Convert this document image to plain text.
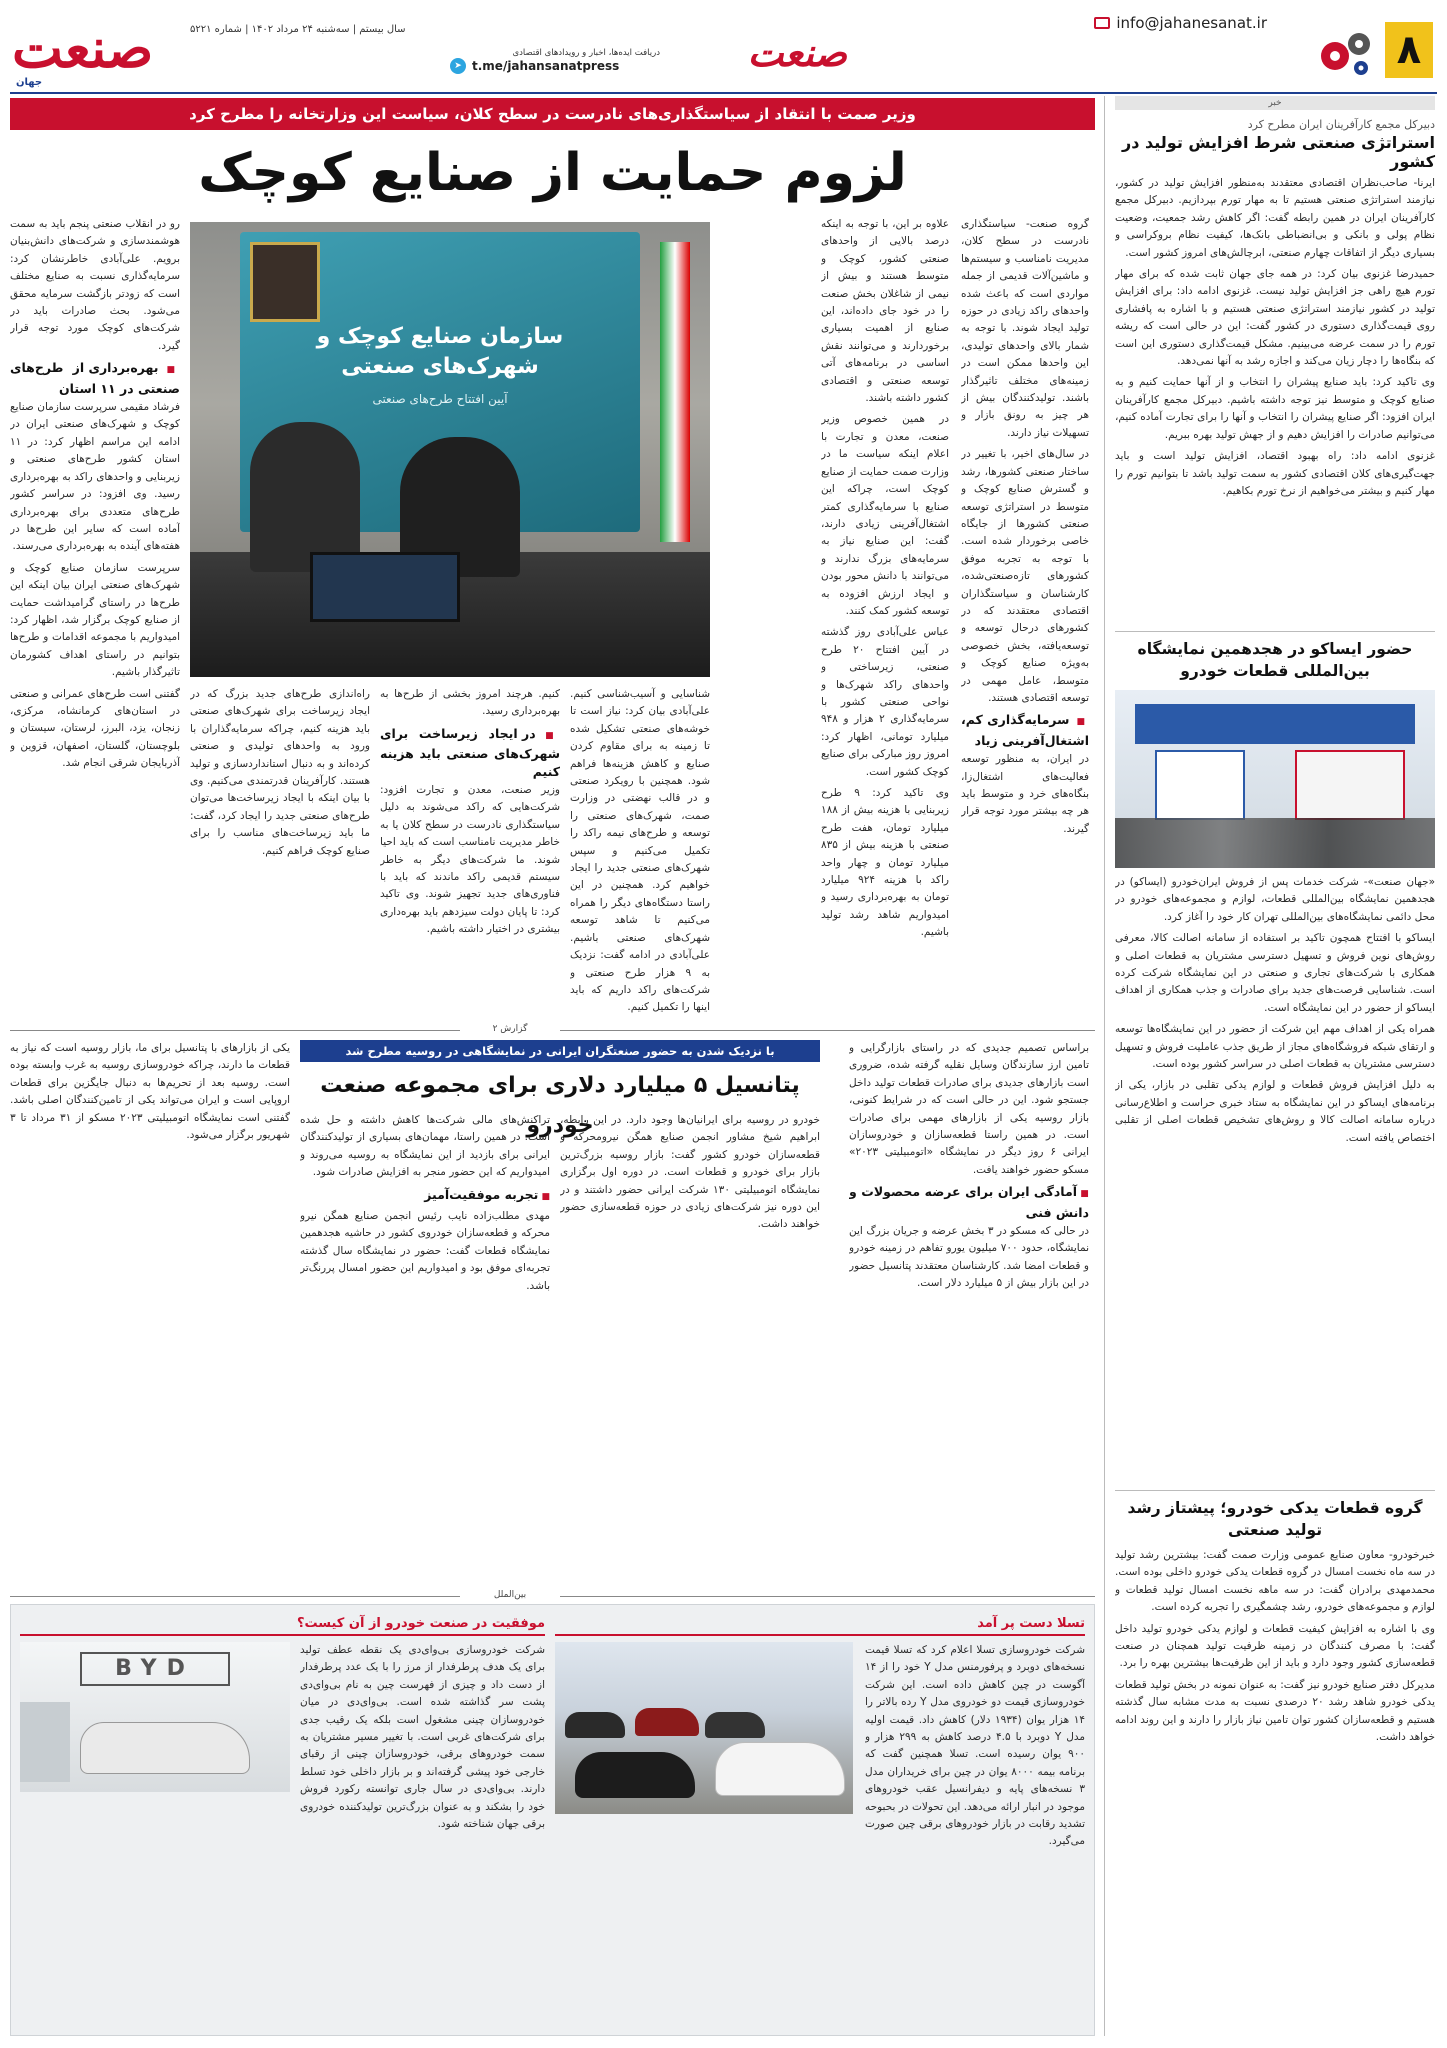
۸
info@jahanesanat.ir
صنعت
دریافت ایده‌ها، اخبار و رویدادهای اقتصادی
t.me/jahansanatpress
➤
سال بیستم | سه‌شنبه ۲۴ مرداد ۱۴۰۲ | شماره ۵۲۲۱
صنعت
جهان
خبر
دبیرکل مجمع کارآفرینان ایران مطرح کرد
استراتژی صنعتی شرط افزایش تولید در کشور

ایرنا- صاحب‌نظران اقتصادی معتقدند به‌منظور افزایش تولید در کشور، نیازمند استراتژی صنعتی هستیم تا به مهار تورم بپردازیم. دبیرکل مجمع کارآفرینان ایران در همین رابطه گفت: اگر کاهش رشد جمعیت، وضعیت نظام پولی و بانکی و بی‌انضباطی بانک‌ها، کیفیت نظام بروکراسی و بسیاری دیگر از اتفاقات چهارم صنعتی، ابرچالش‌های امروز کشور است.

حمیدرضا غزنوی بیان کرد: در همه جای جهان ثابت شده که برای مهار تورم هیچ راهی جز افزایش تولید نیست. غزنوی ادامه داد: برای افزایش تولید در کشور نیازمند استراتژی صنعتی هستیم و با اشاره به پافشاری روی قیمت‌گذاری دستوری در کشور گفت: این در حالی است که ریشه تورم را در سمت عرضه می‌بینیم. مشکل قیمت‌گذاری دستوری این است که بنگاه‌ها را دچار زیان می‌کند و اجازه رشد به آنها نمی‌دهد.

وی تاکید کرد: باید صنایع پیشران را انتخاب و از آنها حمایت کنیم و به صنایع کوچک و متوسط نیز توجه داشته باشیم. دبیرکل مجمع کارآفرینان ایران افزود: اگر صنایع پیشران را انتخاب و آنها را برای تجارت آماده کنیم، می‌توانیم صادرات را افزایش دهیم و از جهش تولید بهره ببریم.

غزنوی ادامه داد: راه بهبود اقتصاد، افزایش تولید است و باید جهت‌گیری‌های کلان اقتصادی کشور به سمت تولید باشد تا بتوانیم تورم را مهار کنیم و بیشتر می‌خواهیم از نرخ تورم بکاهیم.

حضور ایساکو در هجدهمین نمایشگاه بین‌المللی قطعات خودرو

«جهان صنعت»- شرکت خدمات پس از فروش ایران‌خودرو (ایساکو) در هجدهمین نمایشگاه بین‌المللی قطعات، لوازم و مجموعه‌های خودرو در محل دائمی نمایشگاه‌های بین‌المللی تهران کار خود را آغاز کرد.

ایساکو با افتتاح همچون تاکید بر استفاده از سامانه اصالت کالا، معرفی روش‌های نوین فروش و تسهیل دسترسی مشتریان به قطعات اصلی و همکاری با شرکت‌های تجاری و صنعتی در این نمایشگاه شرکت کرده است. شناسایی فرصت‌های جدید برای صادرات و جذب همکاری از اهداف ایساکو از حضور در این نمایشگاه است.

همراه یکی از اهداف مهم این شرکت از حضور در این نمایشگاه‌ها توسعه و ارتقای شبکه فروشگاه‌های مجاز از طریق جذب عاملیت فروش و تسهیل دسترسی مشتریان به قطعات اصلی در سراسر کشور بوده است.

به دلیل افزایش فروش قطعات و لوازم یدکی تقلبی در بازار، یکی از برنامه‌های ایساکو در این نمایشگاه به ستاد خبری حراست و اطلاع‌رسانی درباره سامانه اصالت کالا و روش‌های تشخیص قطعات اصلی از تقلبی اختصاص یافته است.

گروه قطعات یدکی خودرو؛ پیشتاز رشد تولید صنعتی

خبرخودرو- معاون صنایع عمومی وزارت صمت گفت: بیشترین رشد تولید در سه ماه نخست امسال در گروه قطعات یدکی خودرو داخلی بوده است. محمدمهدی برادران گفت: در سه ماهه نخست امسال تولید قطعات و لوازم و مجموعه‌های خودرو، رشد چشمگیری را تجربه کرده است.

وی با اشاره به افزایش کیفیت قطعات و لوازم یدکی خودرو تولید داخل گفت: با مصرف کنندگان در زمینه ظرفیت تولید همچنان در صنعت قطعه‌سازی کشور وجود دارد و باید از این ظرفیت‌ها بیشترین بهره را برد.

مدیرکل دفتر صنایع خودرو نیز گفت: به عنوان نمونه در بخش تولید قطعات یدکی خودرو شاهد رشد ۲۰ درصدی نسبت به مدت مشابه سال گذشته هستیم و قطعه‌سازان کشور توان تامین نیاز بازار را دارند و این روند ادامه خواهد داشت.

وزیر صمت با انتقاد از سیاستگذاری‌های نادرست در سطح کلان، سیاست این وزارتخانه را مطرح کرد
لزوم حمایت از صنایع کوچک

گروه صنعت- سیاستگذاری نادرست در سطح کلان، مدیریت نامناسب و سیستم‌ها و ماشین‌آلات قدیمی از جمله مواردی است که باعث شده واحدهای راکد زیادی در حوزه تولید ایجاد شوند. با توجه به شمار بالای واحدهای تولیدی، این واحدها ممکن است در زمینه‌های مختلف تاثیرگذار باشند. تولیدکنندگان بیش از هر چیز به رونق بازار و تسهیلات نیاز دارند.

در سال‌های اخیر، با تغییر در ساختار صنعتی کشورها، رشد و گسترش صنایع کوچک و متوسط در استراتژی توسعه صنعتی کشورها از جایگاه خاصی برخوردار شده است. با توجه به تجربه موفق کشورهای تازه‌صنعتی‌شده، کارشناسان و سیاستگذاران اقتصادی معتقدند که در کشورهای درحال توسعه و توسعه‌یافته، بخش خصوصی به‌ویژه صنایع کوچک و متوسط، عامل مهمی در توسعه اقتصادی هستند.

■ سرمایه‌گذاری کم، اشتغال‌آفرینی زیاد

در ایران، به منظور توسعه فعالیت‌های اشتغال‌زا، بنگاه‌های خرد و متوسط باید هر چه بیشتر مورد توجه قرار گیرند.

علاوه بر این، با توجه به اینکه درصد بالایی از واحدهای صنعتی کشور، کوچک و متوسط هستند و بیش از نیمی از شاغلان بخش صنعت را در خود جای داده‌اند، این صنایع از اهمیت بسیاری برخوردارند و می‌توانند نقش اساسی در برنامه‌های آتی توسعه صنعتی و اقتصادی کشور داشته باشند.

در همین خصوص وزیر صنعت، معدن و تجارت با اعلام اینکه سیاست ما در وزارت صمت حمایت از صنایع کوچک است، چراکه این صنایع با سرمایه‌گذاری کمتر اشتغال‌آفرینی زیادی دارند، گفت: این صنایع نیاز به سرمایه‌های بزرگ ندارند و می‌توانند با دانش محور بودن و ایجاد ارزش افزوده به توسعه کشور کمک کنند.

عباس علی‌آبادی روز گذشته در آیین افتتاح ۲۰ طرح صنعتی، زیرساختی و واحدهای راکد شهرک‌ها و نواحی صنعتی کشور با سرمایه‌گذاری ۲ هزار و ۹۴۸ میلیارد تومانی، اظهار کرد: امروز روز مبارکی برای صنایع کوچک کشور است.

وی تاکید کرد: ۹ طرح زیربنایی با هزینه بیش از ۱۸۸ میلیارد تومان، هفت طرح صنعتی با هزینه بیش از ۸۳۵ میلیارد تومان و چهار واحد راکد با هزینه ۹۲۴ میلیارد تومان به بهره‌برداری رسید و امیدواریم شاهد رشد تولید باشیم.

سازمان صنایع کوچک و شهرک‌های صنعتی
آیین افتتاح طرح‌های صنعتی

شناسایی و آسیب‌شناسی کنیم. علی‌آبادی بیان کرد: نیاز است تا خوشه‌های صنعتی تشکیل شده تا زمینه به برای مقاوم کردن صنایع و کاهش هزینه‌ها فراهم شود. همچنین با رویکرد صنعتی و در قالب نهضتی در وزارت صمت، شهرک‌های صنعتی را توسعه و طرح‌های نیمه راکد را تکمیل می‌کنیم و سپس شهرک‌های صنعتی جدید را ایجاد خواهیم کرد. همچنین در این راستا دستگاه‌های دیگر را همراه می‌کنیم تا شاهد توسعه شهرک‌های صنعتی باشیم. علی‌آبادی در ادامه گفت: نزدیک به ۹ هزار طرح صنعتی و شرکت‌های راکد داریم که باید اینها را تکمیل کنیم.

کنیم. هرچند امروز بخشی از طرح‌ها به بهره‌برداری رسید.

■ در ایجاد زیرساخت برای شهرک‌های صنعتی باید هزینه کنیم

وزیر صنعت، معدن و تجارت افزود: شرکت‌هایی که راکد می‌شوند به دلیل سیاستگذاری نادرست در سطح کلان یا به خاطر مدیریت نامناسب است که باید احیا شوند. ما شرکت‌های دیگر به خاطر سیستم قدیمی راکد ماندند که باید با فناوری‌های جدید تجهیز شوند. وی تاکید کرد: تا پایان دولت سیزدهم باید بهره‌داری بیشتری در اختیار داشته باشیم.

راه‌اندازی طرح‌های جدید بزرگ که در ایجاد زیرساخت برای شهرک‌های صنعتی باید هزینه کنیم، چراکه سرمایه‌گذاران با ورود به واحدهای تولیدی و صنعتی کرده‌اند و به دنبال استانداردسازی و تولید هستند. کارآفرینان قدرتمندی می‌کنیم. وی با بیان اینکه با ایجاد زیرساخت‌ها می‌توان طرح‌های صنعتی جدید را ایجاد کرد، گفت: ما باید زیرساخت‌های مناسب را برای صنایع کوچک فراهم کنیم.

رو در انقلاب صنعتی پنجم باید به سمت هوشمندسازی و شرکت‌های دانش‌بنیان برویم. علی‌آبادی خاطرنشان کرد: سرمایه‌گذاری نسبت به صنایع مختلف است که زودتر بازگشت سرمایه محقق می‌شود. بحث صادرات باید در شرکت‌های کوچک مورد توجه قرار گیرد.

■ بهره‌برداری از طرح‌های صنعتی در ۱۱ استان

فرشاد مقیمی سرپرست سازمان صنایع کوچک و شهرک‌های صنعتی ایران در ادامه این مراسم اظهار کرد: در ۱۱ استان کشور طرح‌های صنعتی و زیربنایی و واحدهای راکد به بهره‌برداری رسید. وی افزود: در سراسر کشور طرح‌های متعددی برای بهره‌برداری آماده است که سایر این طرح‌ها در هفته‌های آینده به بهره‌برداری می‌رسند.

سرپرست سازمان صنایع کوچک و شهرک‌های صنعتی ایران بیان اینکه این طرح‌ها در راستای گرامیداشت حمایت از صنایع کوچک برگزار شد، اظهار کرد: امیدواریم با مجموعه اقدامات و طرح‌ها بتوانیم در راستای اهداف کشورمان تاثیرگذار باشیم.

گفتنی است طرح‌های عمرانی و صنعتی در استان‌های کرمانشاه، مرکزی، زنجان، یزد، البرز، لرستان، سیستان و بلوچستان، گلستان، اصفهان، قزوین و آذربایجان شرقی انجام شد.

گزارش ۲
با نزدیک شدن به حضور صنعتگران ایرانی در نمایشگاهی در روسیه مطرح شد
پتانسیل ۵ میلیارد دلاری برای مجموعه صنعت خودرو

براساس تصمیم جدیدی که در راستای بازارگرایی و تامین ارز سازندگان وسایل نقلیه گرفته شده، ضروری است بازارهای جدیدی برای صادرات قطعات تولید داخل جستجو شود. این در حالی است که در شرایط کنونی، بازار روسیه یکی از بازارهای مهمی برای صادرات است. در همین راستا قطعه‌سازان و خودروسازان ایرانی ۶ روز دیگر در نمایشگاه «اتومبیلیتی ۲۰۲۳» مسکو حضور خواهند یافت.

■ آمادگی ایران برای عرضه محصولات و دانش فنی

در حالی که مسکو در ۳ بخش عرضه و جریان بزرگ این نمایشگاه، حدود ۷۰۰ میلیون یورو تفاهم در زمینه خودرو و قطعات امضا شد. کارشناسان معتقدند پتانسیل حضور در این بازار بیش از ۵ میلیارد دلار است.

خودرو در روسیه برای ایرانیان‌ها وجود دارد. در این رابطه، ابراهیم شیخ مشاور انجمن صنایع همگن نیرومحرکه و قطعه‌سازان خودرو کشور گفت: بازار روسیه بزرگ‌ترین بازار برای خودرو و قطعات است. در دوره اول برگزاری نمایشگاه اتومبیلیتی ۱۳۰ شرکت ایرانی حضور داشتند و در این دوره نیز شرکت‌های زیادی در حوزه قطعه‌سازی حضور خواهند داشت.

تراکنش‌های مالی شرکت‌ها کاهش داشته و حل شده است. در همین راستا، مهمان‌های بسیاری از تولیدکنندگان ایرانی برای بازدید از این نمایشگاه به روسیه می‌روند و امیدواریم که این حضور منجر به افزایش صادرات شود.

■ تجربه موفقیت‌آمیز

مهدی مطلب‌زاده نایب رئیس انجمن صنایع همگن نیرو محرکه و قطعه‌سازان خودروی کشور در حاشیه هجدهمین نمایشگاه قطعات گفت: حضور در نمایشگاه سال گذشته تجربه‌ای موفق بود و امیدواریم این حضور امسال پررنگ‌تر باشد.

یکی از بازارهای با پتانسیل برای ما، بازار روسیه است که نیاز به قطعات ما دارند، چراکه خودروسازی روسیه به غرب وابسته بوده است. روسیه بعد از تحریم‌ها به دنبال جایگزین برای قطعات اروپایی است و ایران می‌تواند یکی از تامین‌کنندگان اصلی باشد. گفتنی است نمایشگاه اتومبیلیتی ۲۰۲۳ مسکو از ۳۱ مرداد تا ۳ شهریور برگزار می‌شود.

بین‌الملل
تسلا دست پر آمد

شرکت خودروسازی تسلا اعلام کرد که تسلا قیمت نسخه‌های دوبرد و پرفورمنس مدل Y خود را از ۱۴ آگوست در چین کاهش داده است. این شرکت خودروسازی قیمت دو خودروی مدل Y رده بالاتر را ۱۴ هزار یوان (۱۹۳۴ دلار) کاهش داد. قیمت اولیه مدل Y دوبرد با ۴.۵ درصد کاهش به ۲۹۹ هزار و ۹۰۰ یوان رسیده است. تسلا همچنین گفت که برنامه بیمه ۸۰۰۰ یوان در چین برای خریداران مدل ۳ نسخه‌های پایه و دیفرانسیل عقب خودروهای موجود در انبار ارائه می‌دهد. این تحولات در بحبوحه تشدید رقابت در بازار خودروهای برقی چین صورت می‌گیرد.

موفقیت در صنعت خودرو از آن کیست؟
BYD

شرکت خودروسازی بی‌وای‌دی یک نقطه عطف تولید برای یک هدف پرطرفدار از مرز را با یک عدد پرطرفدار از دست داد و چیزی از فهرست چین به نام بی‌وای‌دی پشت سر گذاشته شده است. بی‌وای‌دی در میان خودروسازان چینی مشغول است بلکه یک رقیب جدی برای شرکت‌های غربی است. با تغییر مسیر مشتریان به سمت خودروهای برقی، خودروسازان چینی از رقبای خارجی خود پیشی گرفته‌اند و بر بازار داخلی خود تسلط دارند. بی‌وای‌دی در سال جاری توانسته رکورد فروش خود را بشکند و به عنوان بزرگ‌ترین تولیدکننده خودروی برقی جهان شناخته شود.
